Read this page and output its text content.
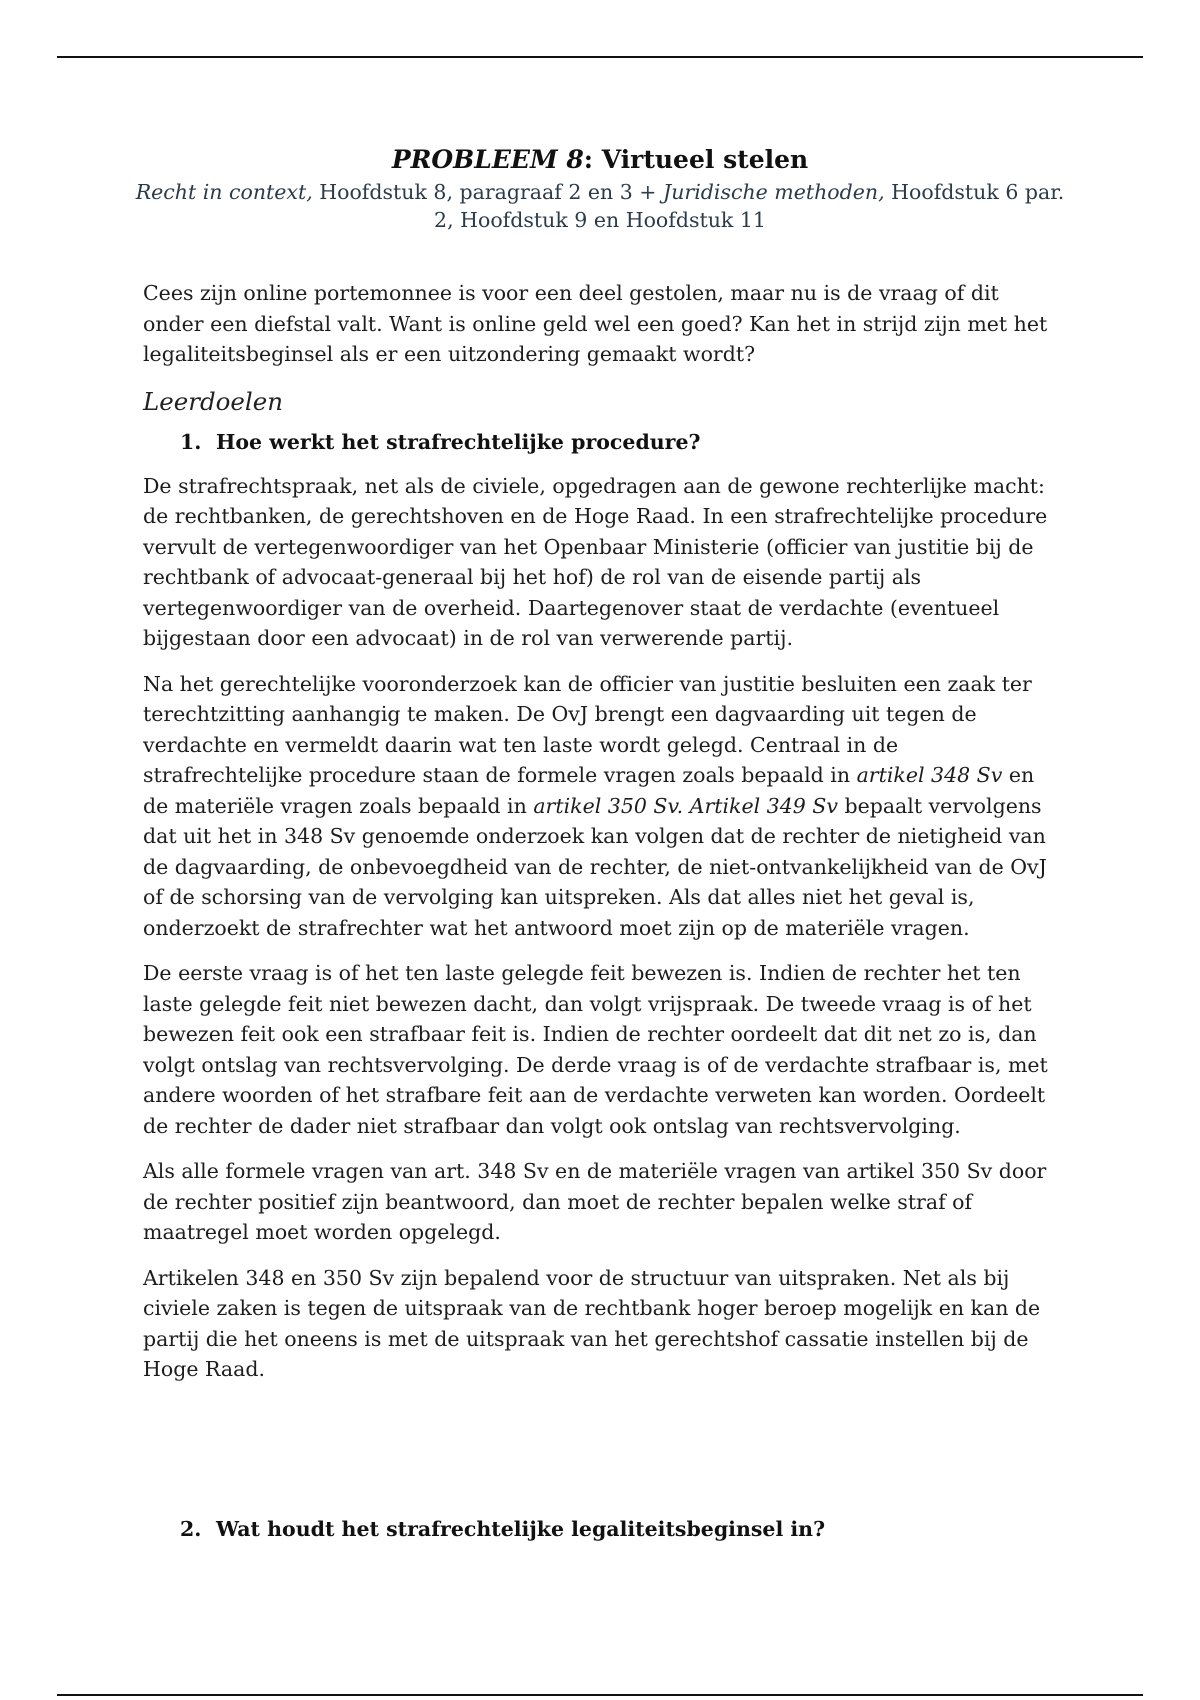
PROBLEEM 8: Virtueel stelen
Recht in context, Hoofdstuk 8, paragraaf 2 en 3 + Juridische methoden, Hoofdstuk 6 par.
2, Hoofdstuk 9 en Hoofdstuk 11

Cees zijn online portemonnee is voor een deel gestolen, maar nu is de vraag of dit onder een diefstal valt. Want is online geld wel een goed? Kan het in strijd zijn met het legaliteitsbeginsel als er een uitzondering gemaakt wordt?

Leerdoelen
1. Hoe werkt het strafrechtelijke procedure?

De strafrechtspraak, net als de civiele, opgedragen aan de gewone rechterlijke macht: de rechtbanken, de gerechtshoven en de Hoge Raad. In een strafrechtelijke procedure vervult de vertegenwoordiger van het Openbaar Ministerie (officier van justitie bij de rechtbank of advocaat-generaal bij het hof) de rol van de eisende partij als vertegenwoordiger van de overheid. Daartegenover staat de verdachte (eventueel bijgestaan door een advocaat) in de rol van verwerende partij.

Na het gerechtelijke vooronderzoek kan de officier van justitie besluiten een zaak ter terechtzitting aanhangig te maken. De OvJ brengt een dagvaarding uit tegen de verdachte en vermeldt daarin wat ten laste wordt gelegd. Centraal in de strafrechtelijke procedure staan de formele vragen zoals bepaald in artikel 348 Sv en de materiële vragen zoals bepaald in artikel 350 Sv. Artikel 349 Sv bepaalt vervolgens dat uit het in 348 Sv genoemde onderzoek kan volgen dat de rechter de nietigheid van de dagvaarding, de onbevoegdheid van de rechter, de niet-ontvankelijkheid van de OvJ of de schorsing van de vervolging kan uitspreken. Als dat alles niet het geval is, onderzoekt de strafrechter wat het antwoord moet zijn op de materiële vragen.

De eerste vraag is of het ten laste gelegde feit bewezen is. Indien de rechter het ten laste gelegde feit niet bewezen dacht, dan volgt vrijspraak. De tweede vraag is of het bewezen feit ook een strafbaar feit is. Indien de rechter oordeelt dat dit net zo is, dan volgt ontslag van rechtsvervolging. De derde vraag is of de verdachte strafbaar is, met andere woorden of het strafbare feit aan de verdachte verweten kan worden. Oordeelt de rechter de dader niet strafbaar dan volgt ook ontslag van rechtsvervolging.

Als alle formele vragen van art. 348 Sv en de materiële vragen van artikel 350 Sv door de rechter positief zijn beantwoord, dan moet de rechter bepalen welke straf of maatregel moet worden opgelegd.

Artikelen 348 en 350 Sv zijn bepalend voor de structuur van uitspraken. Net als bij civiele zaken is tegen de uitspraak van de rechtbank hoger beroep mogelijk en kan de partij die het oneens is met de uitspraak van het gerechtshof cassatie instellen bij de Hoge Raad.

2. Wat houdt het strafrechtelijke legaliteitsbeginsel in?
